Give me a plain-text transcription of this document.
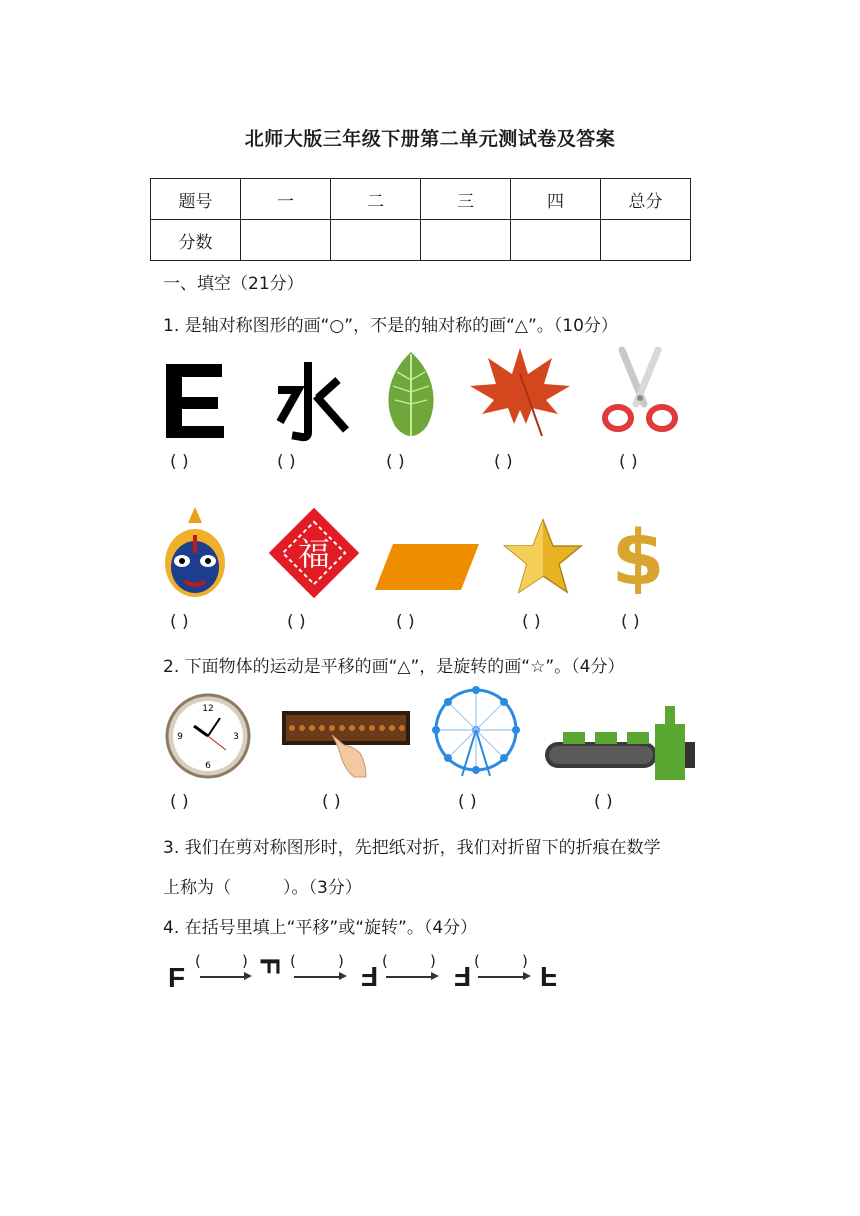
北师大版三年级下册第二单元测试卷及答案
题号	一	二	三	四	总分
分数					
一、填空（21分）
1. 是轴对称图形的画“○”，不是的轴对称的画“△”。（10分）
( )	( )	( )	( )	( )
福	$
( )	( )	( )	( )	( )
2. 下面物体的运动是平移的画“△”，是旋转的画“☆”。（4分）
12
3
6
9
( )	( )	( )	( )
3. 我们在剪对称图形时，先把纸对折，我们对折留下的折痕在数学
上称为（	）。（3分）
4. 在括号里填上“平移”或“旋转”。（4分）
F
(	) F (	) F (	) F (	) F
